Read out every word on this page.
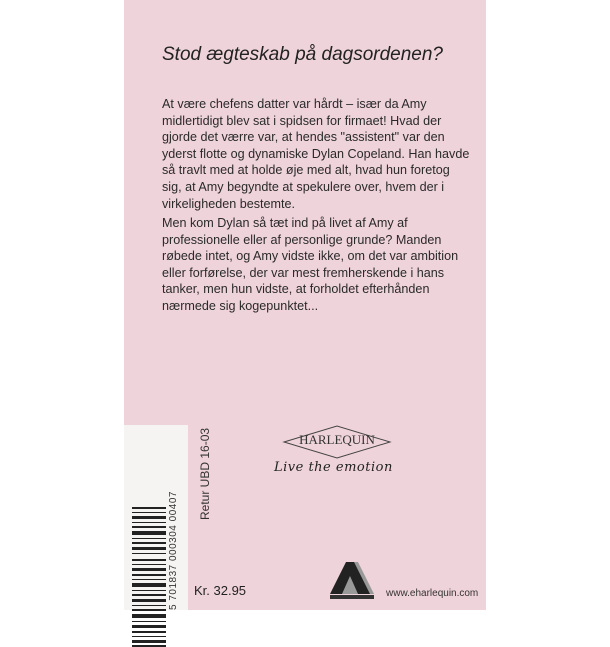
Stod ægteskab på dagsordenen?

At være chefens datter var hårdt – især da Amy midlertidigt blev sat i spidsen for firmaet! Hvad der gjorde det værre var, at hendes "assistent" var den yderst flotte og dynamiske Dylan Copeland. Han havde så travlt med at holde øje med alt, hvad hun foretog sig, at Amy begyndte at spekulere over, hvem der i virkeligheden bestemte.

Men kom Dylan så tæt ind på livet af Amy af professionelle eller af personlige grunde? Manden røbede intet, og Amy vidste ikke, om det var ambition eller forførelse, der var mest fremherskende i hans tanker, men hun vidste, at forholdet efterhånden nærmede sig kogepunktet...

HARLEQUIN
Live the emotion
5 701837 000304 00407
Retur UBD 16-03
Kr. 32.95	www.eharlequin.com
